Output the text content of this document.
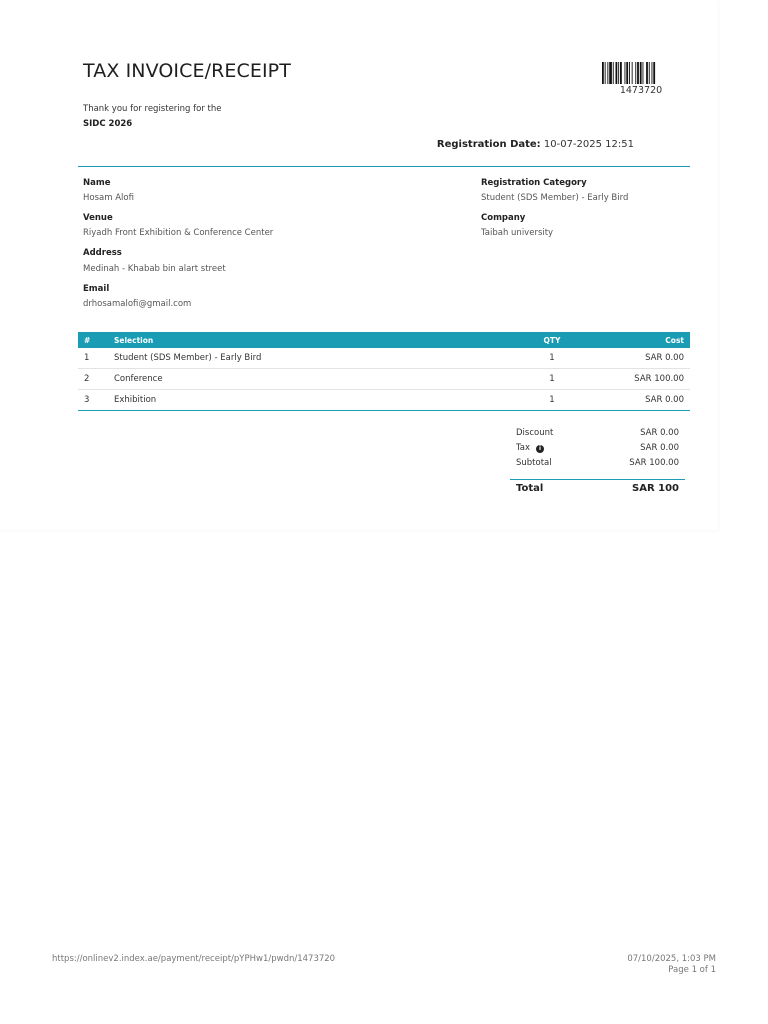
TAX INVOICE/RECEIPT
Thank you for registering for the
SIDC 2026
1473720
Registration Date: 10-07-2025 12:51
Name
Hosam Alofi
Venue
Riyadh Front Exhibition & Conference Center
Address
Medinah - Khabab bin alart street
Email
drhosamalofi@gmail.com
Registration Category
Student (SDS Member) - Early Bird
Company
Taibah university
#	Selection	QTY	Cost
1	Student (SDS Member) - Early Bird	1	SAR 0.00
2	Conference	1	SAR 100.00
3	Exhibition	1	SAR 0.00
Discount	SAR 0.00
Tax i	SAR 0.00
Subtotal	SAR 100.00
Total	SAR 100
https://onlinev2.index.ae/payment/receipt/pYPHw1/pwdn/1473720	07/10/2025, 1:03 PM
Page 1 of 1
